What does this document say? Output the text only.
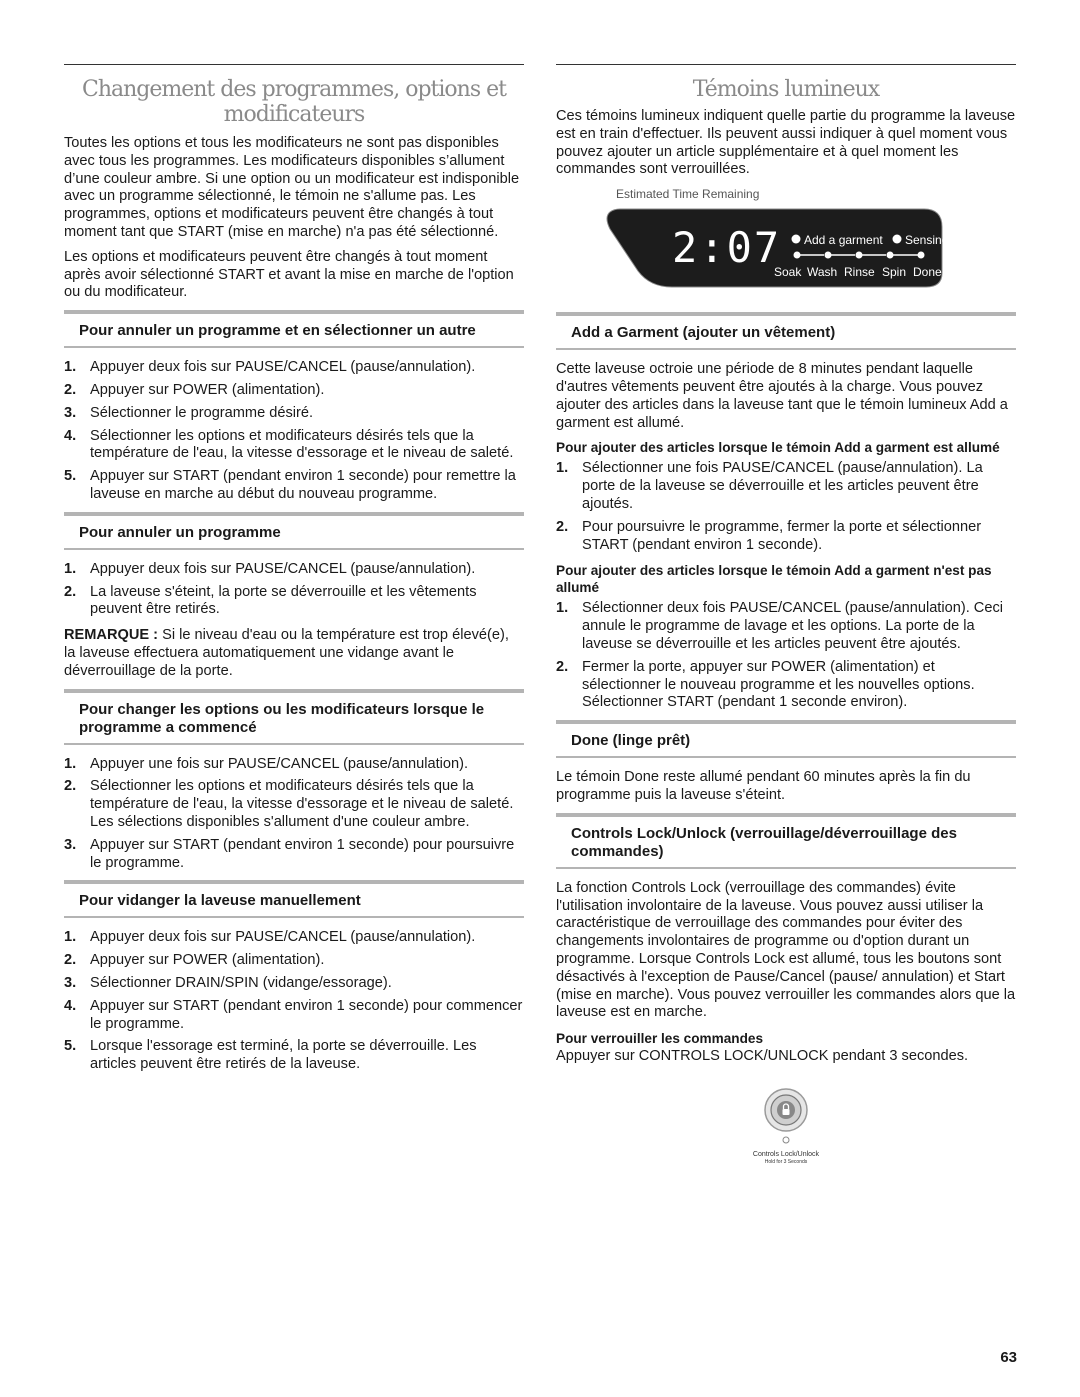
Changement des programmes, options et
modificateurs

Toutes les options et tous les modificateurs ne sont pas disponibles avec tous les programmes. Les modificateurs disponibles s’allument d’une couleur ambre. Si une option ou un modificateur est indisponible avec un programme sélectionné, le témoin ne s'allume pas. Les programmes, options et modificateurs peuvent être changés à tout moment tant que START (mise en marche) n'a pas été sélectionné.

Les options et modificateurs peuvent être changés à tout moment après avoir sélectionné START et avant la mise en marche de l'option ou du modificateur.

Pour annuler un programme et en sélectionner un autre
1. Appuyer deux fois sur PAUSE/CANCEL (pause/annulation).
2. Appuyer sur POWER (alimentation).
3. Sélectionner le programme désiré.
4. Sélectionner les options et modificateurs désirés tels que la température de l'eau, la vitesse d'essorage et le niveau de saleté.
5. Appuyer sur START (pendant environ 1 seconde) pour remettre la laveuse en marche au début du nouveau programme.
Pour annuler un programme
1. Appuyer deux fois sur PAUSE/CANCEL (pause/annulation).
2. La laveuse s'éteint, la porte se déverrouille et les vêtements peuvent être retirés.

REMARQUE : Si le niveau d'eau ou la température est trop élevé(e), la laveuse effectuera automatiquement une vidange avant le déverrouillage de la porte.

Pour changer les options ou les modificateurs lorsque le programme a commencé
1. Appuyer une fois sur PAUSE/CANCEL (pause/annulation).
2. Sélectionner les options et modificateurs désirés tels que la température de l'eau, la vitesse d'essorage et le niveau de saleté. Les sélections disponibles s'allument d'une couleur ambre.
3. Appuyer sur START (pendant environ 1 seconde) pour poursuivre le programme.
Pour vidanger la laveuse manuellement
1. Appuyer deux fois sur PAUSE/CANCEL (pause/annulation).
2. Appuyer sur POWER (alimentation).
3. Sélectionner DRAIN/SPIN (vidange/essorage).
4. Appuyer sur START (pendant environ 1 seconde) pour commencer le programme.
5. Lorsque l'essorage est terminé, la porte se déverrouille. Les articles peuvent être retirés de la laveuse.
Témoins lumineux

Ces témoins lumineux indiquent quelle partie du programme la laveuse est en train d'effectuer. Ils peuvent aussi indiquer à quel moment vous pouvez ajouter un article supplémentaire et à quel moment les commandes sont verrouillées.

Estimated Time Remaining
2:07 Add a garment Sensing
Soak Wash Rinse Spin Done
Add a Garment (ajouter un vêtement)

Cette laveuse octroie une période de 8 minutes pendant laquelle d'autres vêtements peuvent être ajoutés à la charge. Vous pouvez ajouter des articles dans la laveuse tant que le témoin lumineux Add a garment est allumé.

Pour ajouter des articles lorsque le témoin Add a garment est allumé
1. Sélectionner une fois PAUSE/CANCEL (pause/annulation). La porte de la laveuse se déverrouille et les articles peuvent être ajoutés.
2. Pour poursuivre le programme, fermer la porte et sélectionner START (pendant environ 1 seconde).
Pour ajouter des articles lorsque le témoin Add a garment n'est pas allumé
1. Sélectionner deux fois PAUSE/CANCEL (pause/annulation). Ceci annule le programme de lavage et les options. La porte de la laveuse se déverrouille et les articles peuvent être ajoutés.
2. Fermer la porte, appuyer sur POWER (alimentation) et sélectionner le nouveau programme et les nouvelles options. Sélectionner START (pendant 1 seconde environ).
Done (linge prêt)

Le témoin Done reste allumé pendant 60 minutes après la fin du programme puis la laveuse s'éteint.

Controls Lock/Unlock (verrouillage/déverrouillage des commandes)

La fonction Controls Lock (verrouillage des commandes) évite l'utilisation involontaire de la laveuse. Vous pouvez aussi utiliser la caractéristique de verrouillage des commandes pour éviter des changements involontaires de programme ou d'option durant un programme. Lorsque Controls Lock est allumé, tous les boutons sont désactivés à l'exception de Pause/Cancel (pause/ annulation) et Start (mise en marche). Vous pouvez verrouiller les commandes alors que la laveuse est en marche.

Pour verrouiller les commandes

Appuyer sur CONTROLS LOCK/UNLOCK pendant 3 secondes.

Controls Lock/Unlock
Hold for 3 Seconds
63
